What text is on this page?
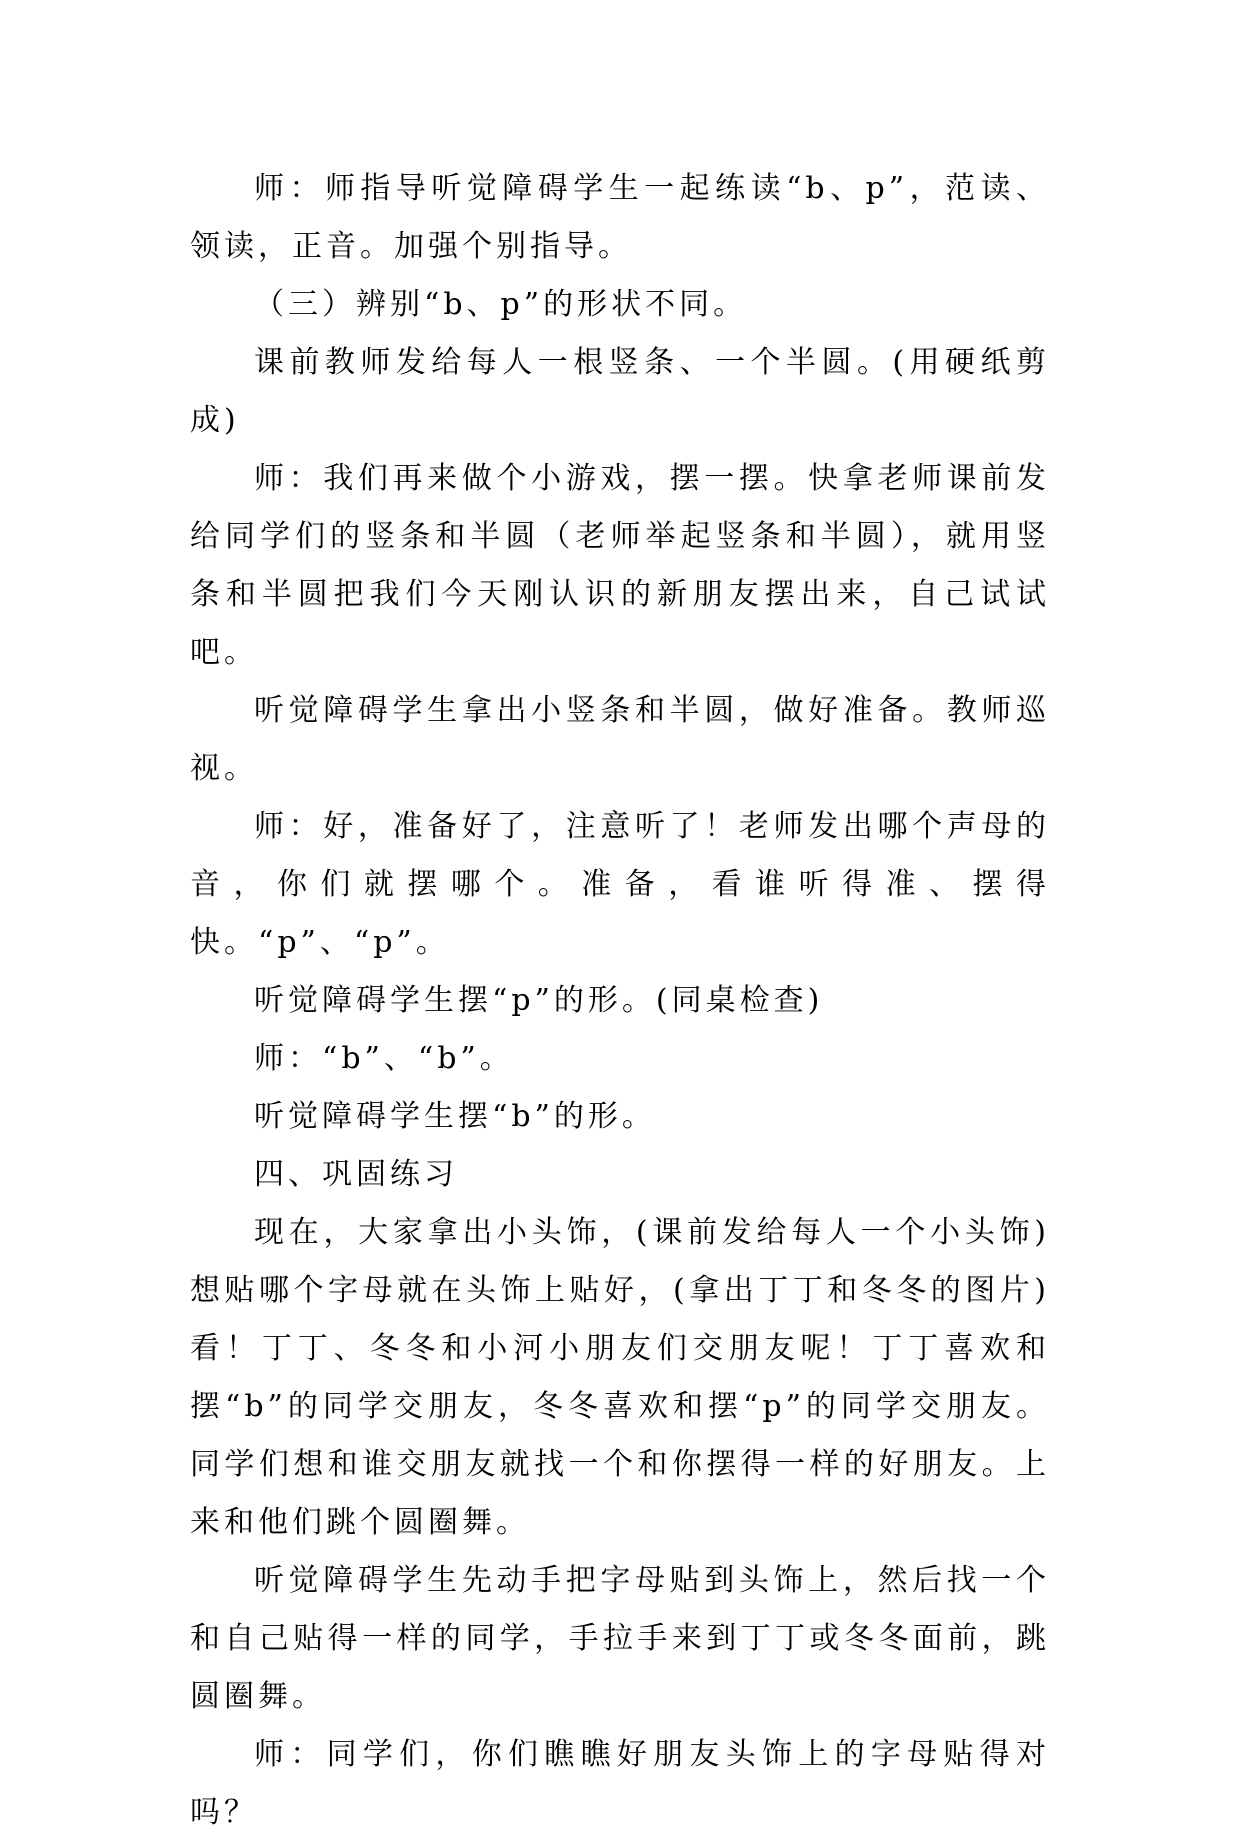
师：师指导听觉障碍学生一起练读“b、p”，范读、领读，正音。加强个别指导。

（三）辨别“b、p”的形状不同。

课前教师发给每人一根竖条、一个半圆。(用硬纸剪成)

师：我们再来做个小游戏，摆一摆。快拿老师课前发给同学们的竖条和半圆（老师举起竖条和半圆），就用竖条和半圆把我们今天刚认识的新朋友摆出来，自己试试吧。

听觉障碍学生拿出小竖条和半圆，做好准备。教师巡视。

师：好，准备好了，注意听了！老师发出哪个声母的音，你们就摆哪个。准备，看谁听得准、摆得快。“p”、“p”。

听觉障碍学生摆“p”的形。(同桌检查)

师：“b”、“b”。

听觉障碍学生摆“b”的形。

四、巩固练习

现在，大家拿出小头饰，(课前发给每人一个小头饰)想贴哪个字母就在头饰上贴好，(拿出丁丁和冬冬的图片)看！丁丁、冬冬和小河小朋友们交朋友呢！丁丁喜欢和摆“b”的同学交朋友，冬冬喜欢和摆“p”的同学交朋友。同学们想和谁交朋友就找一个和你摆得一样的好朋友。上来和他们跳个圆圈舞。

听觉障碍学生先动手把字母贴到头饰上，然后找一个和自己贴得一样的同学，手拉手来到丁丁或冬冬面前，跳圆圈舞。

师：同学们，你们瞧瞧好朋友头饰上的字母贴得对吗？
